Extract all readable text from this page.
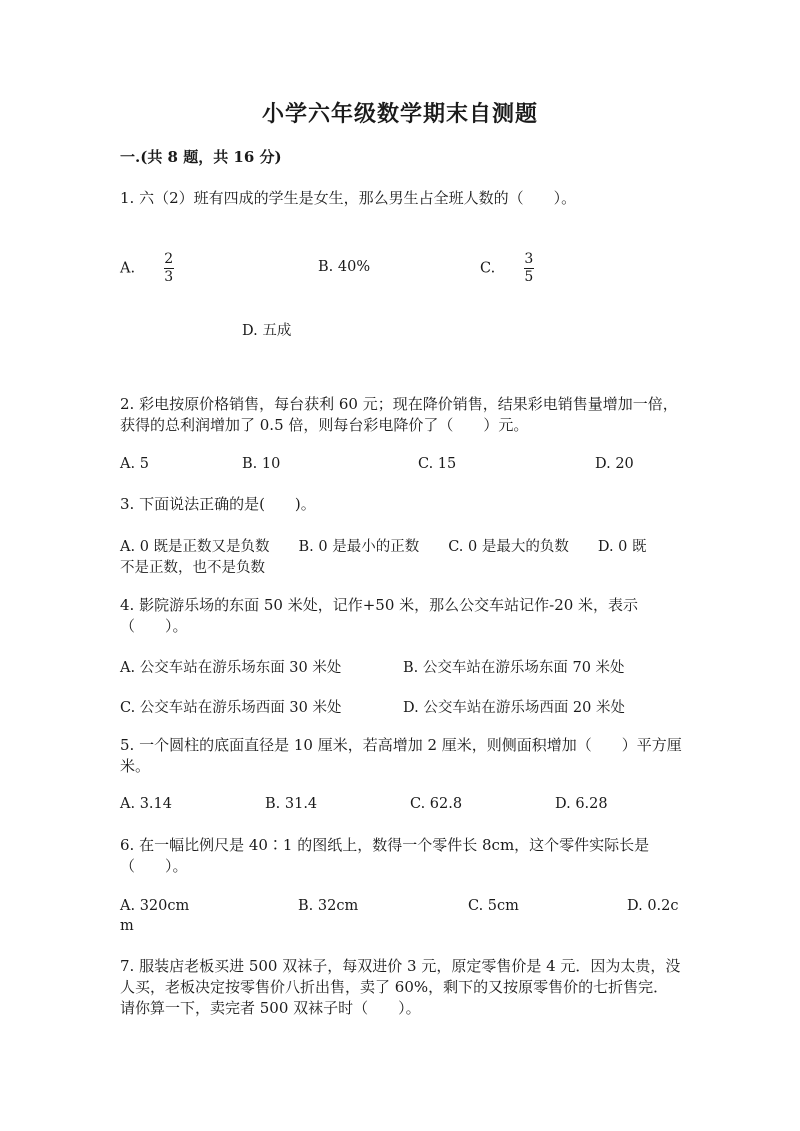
小学六年级数学期末自测题
一.(共 8 题，共 16 分)
1. 六（2）班有四成的学生是女生，那么男生占全班人数的（　　）。
A. $\frac{2}{3}$	B. 40%	C. $\frac{3}{5}$
D. 五成
2. 彩电按原价格销售，每台获利 60 元；现在降价销售，结果彩电销售量增加一倍，获得的总利润增加了 0.5 倍，则每台彩电降价了（　　）元。
A. 5	B. 10	C. 15	D. 20
3. 下面说法正确的是(　　)。
A. 0 既是正数又是负数　　B. 0 是最小的正数　　C. 0 是最大的负数　　D. 0 既
不是正数，也不是负数
4. 影院游乐场的东面 50 米处，记作+50 米，那么公交车站记作-20 米，表示（　　）。
A. 公交车站在游乐场东面 30 米处	B. 公交车站在游乐场东面 70 米处
C. 公交车站在游乐场西面 30 米处	D. 公交车站在游乐场西面 20 米处
5. 一个圆柱的底面直径是 10 厘米，若高增加 2 厘米，则侧面积增加（　　）平方厘米。
A. 3.14	B. 31.4	C. 62.8	D. 6.28
6. 在一幅比例尺是 40∶1 的图纸上，数得一个零件长 8cm，这个零件实际长是（　　）。
A. 320cm	B. 32cm	C. 5cm	D. 0.2c
m
7. 服装店老板买进 500 双袜子，每双进价 3 元，原定零售价是 4 元．因为太贵，没人买，老板决定按零售价八折出售，卖了 60%，剩下的又按原零售价的七折售完．请你算一下，卖完者 500 双袜子时（　　）。
